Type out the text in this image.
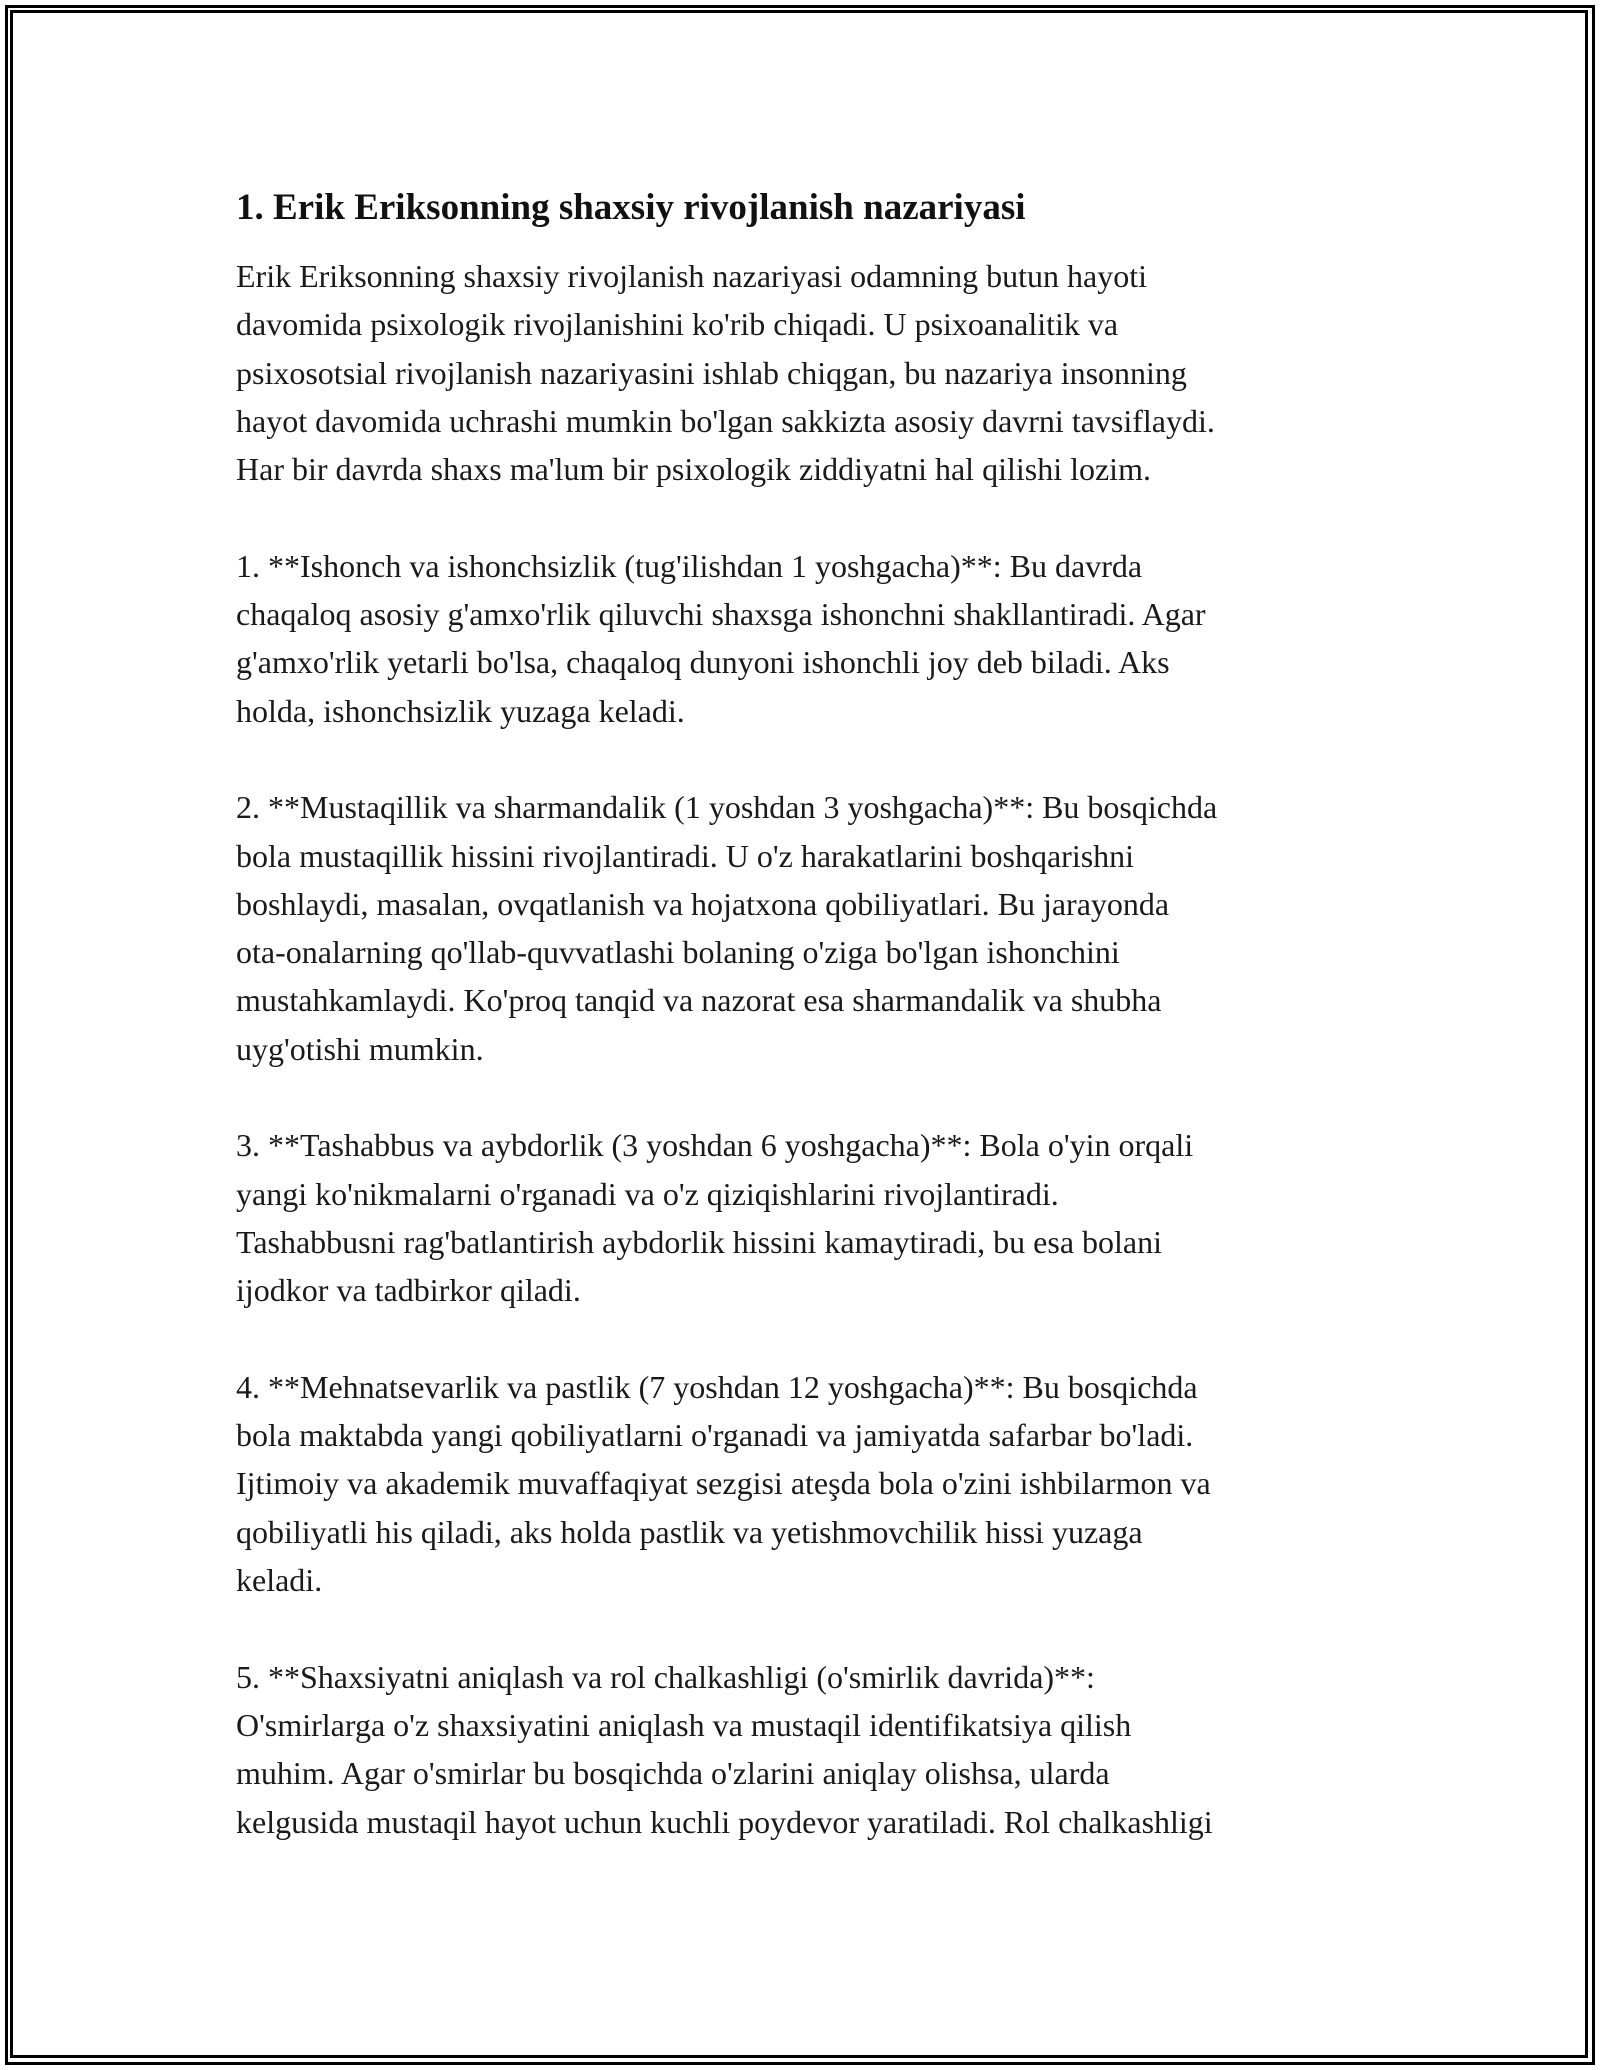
1. Erik Eriksonning shaxsiy rivojlanish nazariyasi

Erik Eriksonning shaxsiy rivojlanish nazariyasi odamning butun hayoti
davomida psixologik rivojlanishini ko'rib chiqadi. U psixoanalitik va
psixosotsial rivojlanish nazariyasini ishlab chiqgan, bu nazariya insonning
hayot davomida uchrashi mumkin bo'lgan sakkizta asosiy davrni tavsiflaydi.
Har bir davrda shaxs ma'lum bir psixologik ziddiyatni hal qilishi lozim.

1. **Ishonch va ishonchsizlik (tug'ilishdan 1 yoshgacha)**: Bu davrda
chaqaloq asosiy g'amxo'rlik qiluvchi shaxsga ishonchni shakllantiradi. Agar
g'amxo'rlik yetarli bo'lsa, chaqaloq dunyoni ishonchli joy deb biladi. Aks
holda, ishonchsizlik yuzaga keladi.

2. **Mustaqillik va sharmandalik (1 yoshdan 3 yoshgacha)**: Bu bosqichda
bola mustaqillik hissini rivojlantiradi. U o'z harakatlarini boshqarishni
boshlaydi, masalan, ovqatlanish va hojatxona qobiliyatlari. Bu jarayonda
ota-onalarning qo'llab-quvvatlashi bolaning o'ziga bo'lgan ishonchini
mustahkamlaydi. Ko'proq tanqid va nazorat esa sharmandalik va shubha
uyg'otishi mumkin.

3. **Tashabbus va aybdorlik (3 yoshdan 6 yoshgacha)**: Bola o'yin orqali
yangi ko'nikmalarni o'rganadi va o'z qiziqishlarini rivojlantiradi.
Tashabbusni rag'batlantirish aybdorlik hissini kamaytiradi, bu esa bolani
ijodkor va tadbirkor qiladi.

4. **Mehnatsevarlik va pastlik (7 yoshdan 12 yoshgacha)**: Bu bosqichda
bola maktabda yangi qobiliyatlarni o'rganadi va jamiyatda safarbar bo'ladi.
Ijtimoiy va akademik muvaffaqiyat sezgisi ateşda bola o'zini ishbilarmon va
qobiliyatli his qiladi, aks holda pastlik va yetishmovchilik hissi yuzaga
keladi.

5. **Shaxsiyatni aniqlash va rol chalkashligi (o'smirlik davrida)**:
O'smirlarga o'z shaxsiyatini aniqlash va mustaqil identifikatsiya qilish
muhim. Agar o'smirlar bu bosqichda o'zlarini aniqlay olishsa, ularda
kelgusida mustaqil hayot uchun kuchli poydevor yaratiladi. Rol chalkashligi
